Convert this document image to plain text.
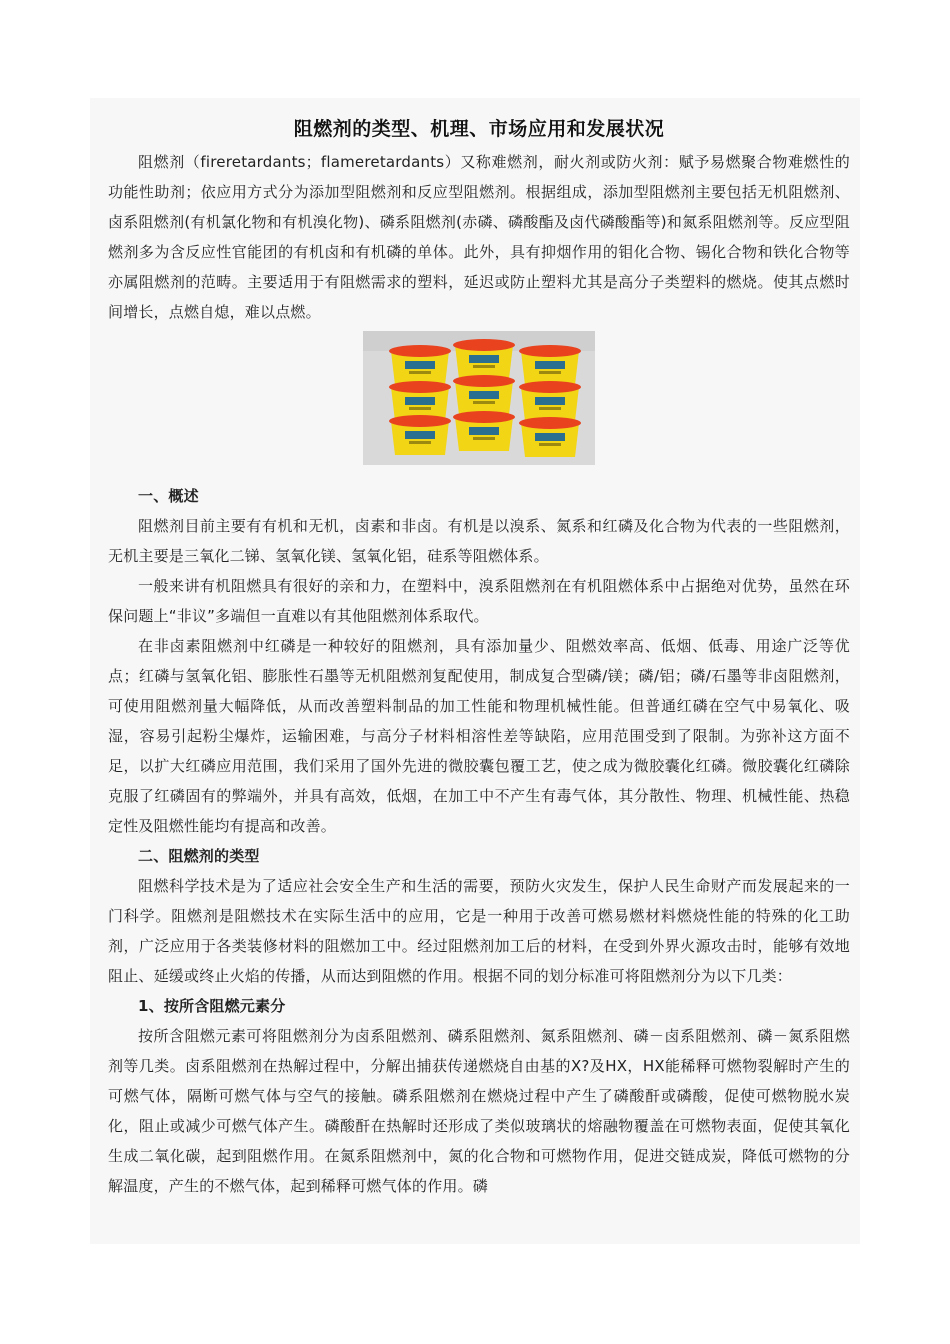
阻燃剂的类型、机理、市场应用和发展状况

阻燃剂（fireretardants；flameretardants）又称难燃剂，耐火剂或防火剂：赋予易燃聚合物难燃性的功能性助剂；依应用方式分为添加型阻燃剂和反应型阻燃剂。根据组成，添加型阻燃剂主要包括无机阻燃剂、卤系阻燃剂(有机氯化物和有机溴化物)、磷系阻燃剂(赤磷、磷酸酯及卤代磷酸酯等)和氮系阻燃剂等。反应型阻燃剂多为含反应性官能团的有机卤和有机磷的单体。此外，具有抑烟作用的钼化合物、锡化合物和铁化合物等亦属阻燃剂的范畴。主要适用于有阻燃需求的塑料，延迟或防止塑料尤其是高分子类塑料的燃烧。使其点燃时间增长，点燃自熄，难以点燃。

一、概述

阻燃剂目前主要有有机和无机，卤素和非卤。有机是以溴系、氮系和红磷及化合物为代表的一些阻燃剂，无机主要是三氧化二锑、氢氧化镁、氢氧化铝，硅系等阻燃体系。

一般来讲有机阻燃具有很好的亲和力，在塑料中，溴系阻燃剂在有机阻燃体系中占据绝对优势，虽然在环保问题上“非议”多端但一直难以有其他阻燃剂体系取代。

在非卤素阻燃剂中红磷是一种较好的阻燃剂，具有添加量少、阻燃效率高、低烟、低毒、用途广泛等优点；红磷与氢氧化铝、膨胀性石墨等无机阻燃剂复配使用，制成复合型磷/镁；磷/铝；磷/石墨等非卤阻燃剂，可使用阻燃剂量大幅降低，从而改善塑料制品的加工性能和物理机械性能。但普通红磷在空气中易氧化、吸湿，容易引起粉尘爆炸，运输困难，与高分子材料相溶性差等缺陷，应用范围受到了限制。为弥补这方面不足，以扩大红磷应用范围，我们采用了国外先进的微胶囊包覆工艺，使之成为微胶囊化红磷。微胶囊化红磷除克服了红磷固有的弊端外，并具有高效，低烟，在加工中不产生有毒气体，其分散性、物理、机械性能、热稳定性及阻燃性能均有提高和改善。

二、阻燃剂的类型

阻燃科学技术是为了适应社会安全生产和生活的需要，预防火灾发生，保护人民生命财产而发展起来的一门科学。阻燃剂是阻燃技术在实际生活中的应用，它是一种用于改善可燃易燃材料燃烧性能的特殊的化工助剂，广泛应用于各类装修材料的阻燃加工中。经过阻燃剂加工后的材料，在受到外界火源攻击时，能够有效地阻止、延缓或终止火焰的传播，从而达到阻燃的作用。根据不同的划分标准可将阻燃剂分为以下几类：

1、按所含阻燃元素分

按所含阻燃元素可将阻燃剂分为卤系阻燃剂、磷系阻燃剂、氮系阻燃剂、磷－卤系阻燃剂、磷－氮系阻燃剂等几类。卤系阻燃剂在热解过程中，分解出捕获传递燃烧自由基的X?及HX，HX能稀释可燃物裂解时产生的可燃气体，隔断可燃气体与空气的接触。磷系阻燃剂在燃烧过程中产生了磷酸酐或磷酸，促使可燃物脱水炭化，阻止或减少可燃气体产生。磷酸酐在热解时还形成了类似玻璃状的熔融物覆盖在可燃物表面，促使其氧化生成二氧化碳，起到阻燃作用。在氮系阻燃剂中，氮的化合物和可燃物作用，促进交链成炭，降低可燃物的分解温度，产生的不燃气体，起到稀释可燃气体的作用。磷
